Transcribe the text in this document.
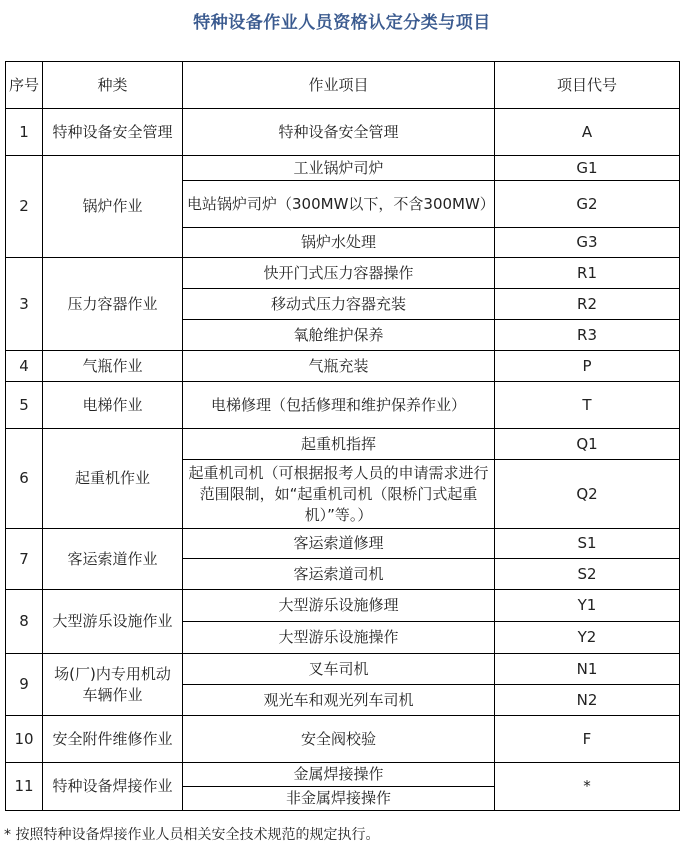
特种设备作业人员资格认定分类与项目
序号	种类	作业项目	项目代号
1	特种设备安全管理	特种设备安全管理	A
2	锅炉作业	工业锅炉司炉	G1
		电站锅炉司炉（300MW以下，不含300MW）	G2
		锅炉水处理	G3
3	压力容器作业	快开门式压力容器操作	R1
		移动式压力容器充装	R2
		氧舱维护保养	R3
4	气瓶作业	气瓶充装	P
5	电梯作业	电梯修理（包括修理和维护保养作业）	T
6	起重机作业	起重机指挥	Q1
		起重机司机（可根据报考人员的申请需求进行范围限制，如“起重机司机（限桥门式起重机）”等。）	Q2
7	客运索道作业	客运索道修理	S1
		客运索道司机	S2
8	大型游乐设施作业	大型游乐设施修理	Y1
		大型游乐设施操作	Y2
9	场(厂)内专用机动车辆作业	叉车司机	N1
		观光车和观光列车司机	N2
10	安全附件维修作业	安全阀校验	F
11	特种设备焊接作业	金属焊接操作	*
		非金属焊接操作	
* 按照特种设备焊接作业人员相关安全技术规范的规定执行。
